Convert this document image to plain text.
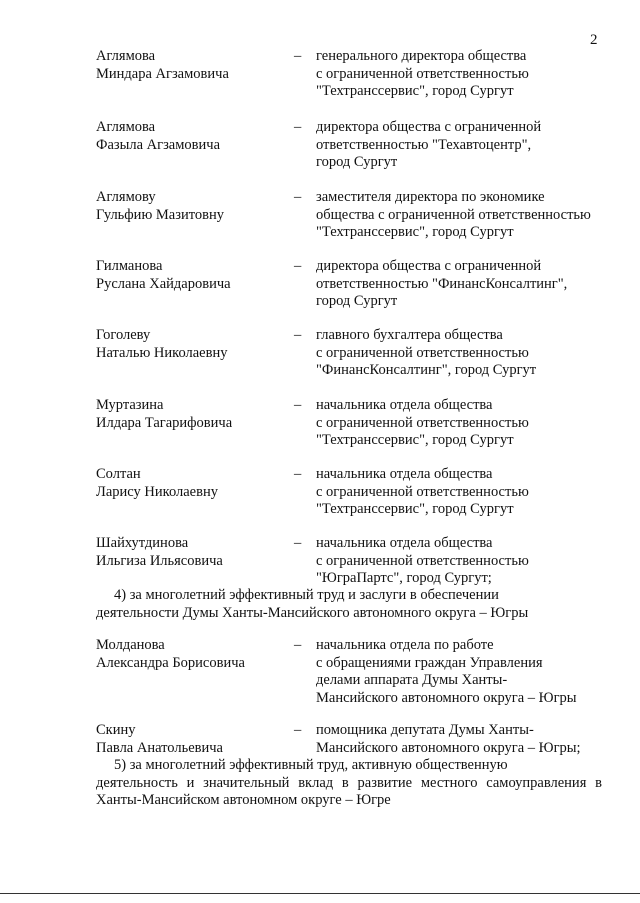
2
Аглямова
Миндара Агзамовича
– генерального директора общества
с ограниченной ответственностью
"Техтранссервис", город Сургут
Аглямова
Фазыла Агзамовича
– директора общества с ограниченной
ответственностью "Техавтоцентр",
город Сургут
Аглямову
Гульфию Мазитовну
– заместителя директора по экономике
общества с ограниченной ответственностью
"Техтранссервис", город Сургут
Гилманова
Руслана Хайдаровича
– директора общества с ограниченной
ответственностью "ФинансКонсалтинг",
город Сургут
Гоголеву
Наталью Николаевну
– главного бухгалтера общества
с ограниченной ответственностью
"ФинансКонсалтинг", город Сургут
Муртазина
Илдара Тагарифовича
– начальника отдела общества
с ограниченной ответственностью
"Техтранссервис", город Сургут
Солтан
Ларису Николаевну
– начальника отдела общества
с ограниченной ответственностью
"Техтранссервис", город Сургут
Шайхутдинова
Ильгиза Ильясовича
– начальника отдела общества
с ограниченной ответственностью
"ЮграПартс", город Сургут;
4) за многолетний эффективный труд и заслуги в обеспечении
деятельности Думы Ханты-Мансийского автономного округа – Югры
Молданова
Александра Борисовича
– начальника отдела по работе
с обращениями граждан Управления
делами аппарата Думы Ханты-
Мансийского автономного округа – Югры
Скину
Павла Анатольевича
– помощника депутата Думы Ханты-
Мансийского автономного округа – Югры;
5) за многолетний эффективный труд, активную общественную
деятельность и значительный вклад в развитие местного самоуправления в Ханты-Мансийском автономном округе – Югре
